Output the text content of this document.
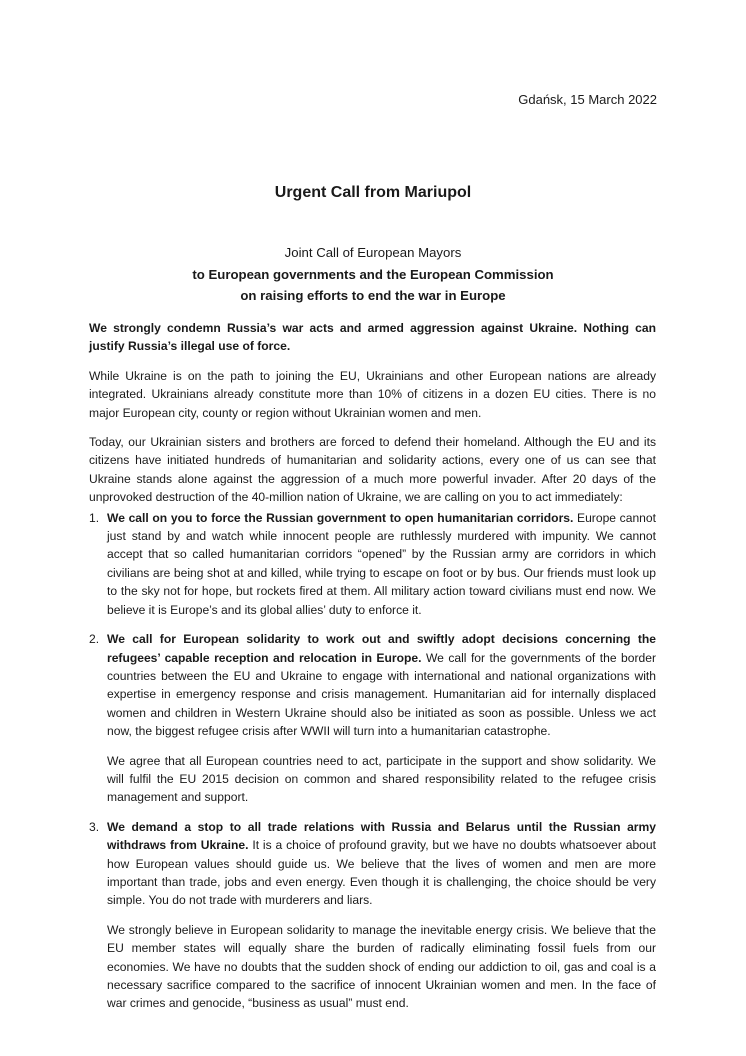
Gdańsk, 15 March 2022

Urgent Call from Mariupol
Joint Call of European Mayors
to European governments and the European Commission
on raising efforts to end the war in Europe

We strongly condemn Russia’s war acts and armed aggression against Ukraine. Nothing can justify Russia’s illegal use of force.

While Ukraine is on the path to joining the EU, Ukrainians and other European nations are already integrated. Ukrainians already constitute more than 10% of citizens in a dozen EU cities. There is no major European city, county or region without Ukrainian women and men.

Today, our Ukrainian sisters and brothers are forced to defend their homeland. Although the EU and its citizens have initiated hundreds of humanitarian and solidarity actions, every one of us can see that Ukraine stands alone against the aggression of a much more powerful invader. After 20 days of the unprovoked destruction of the 40-million nation of Ukraine, we are calling on you to act immediately:

1. We call on you to force the Russian government to open humanitarian corridors. Europe cannot just stand by and watch while innocent people are ruthlessly murdered with impunity. We cannot accept that so called humanitarian corridors “opened” by the Russian army are corridors in which civilians are being shot at and killed, while trying to escape on foot or by bus. Our friends must look up to the sky not for hope, but rockets fired at them. All military action toward civilians must end now. We believe it is Europe’s and its global allies’ duty to enforce it.

2. We call for European solidarity to work out and swiftly adopt decisions concerning the refugees’ capable reception and relocation in Europe. We call for the governments of the border countries between the EU and Ukraine to engage with international and national organizations with expertise in emergency response and crisis management. Humanitarian aid for internally displaced women and children in Western Ukraine should also be initiated as soon as possible. Unless we act now, the biggest refugee crisis after WWII will turn into a humanitarian catastrophe.

We agree that all European countries need to act, participate in the support and show solidarity. We will fulfil the EU 2015 decision on common and shared responsibility related to the refugee crisis management and support.

3. We demand a stop to all trade relations with Russia and Belarus until the Russian army withdraws from Ukraine. It is a choice of profound gravity, but we have no doubts whatsoever about how European values should guide us. We believe that the lives of women and men are more important than trade, jobs and even energy. Even though it is challenging, the choice should be very simple. You do not trade with murderers and liars.

We strongly believe in European solidarity to manage the inevitable energy crisis. We believe that the EU member states will equally share the burden of radically eliminating fossil fuels from our economies. We have no doubts that the sudden shock of ending our addiction to oil, gas and coal is a necessary sacrifice compared to the sacrifice of innocent Ukrainian women and men. In the face of war crimes and genocide, “business as usual” must end.
